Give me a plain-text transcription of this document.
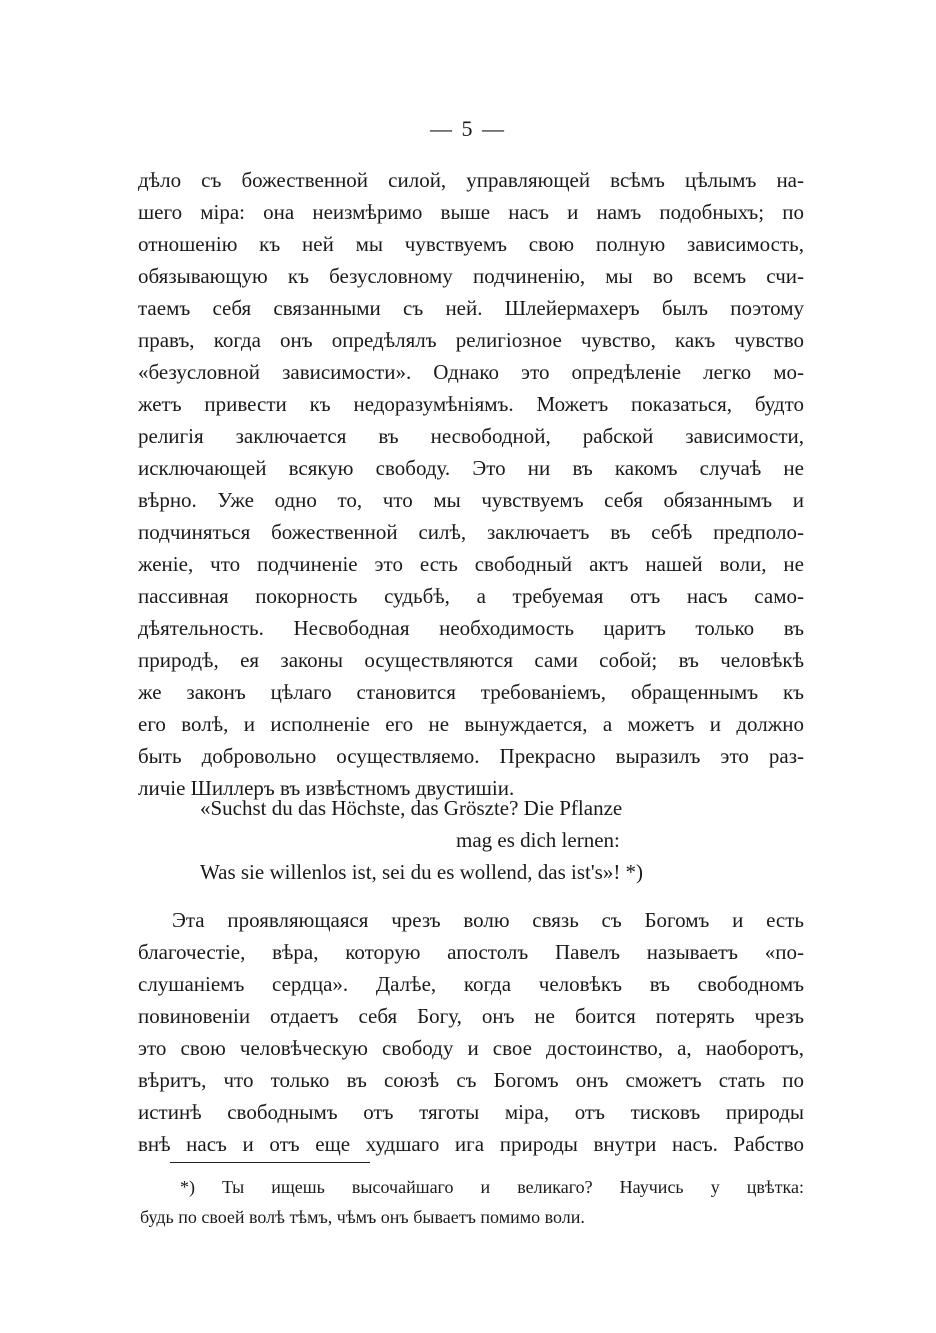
— 5 —
дѣло съ божественной силой, управляющей всѣмъ цѣлымъ на-
шего міра: она неизмѣримо выше насъ и намъ подобныхъ; по
отношенію къ ней мы чувствуемъ свою полную зависимость,
обязывающую къ безусловному подчиненію, мы во всемъ счи-
таемъ себя связанными съ ней. Шлейермахеръ былъ поэтому
правъ, когда онъ опредѣлялъ религіозное чувство, какъ чувство
«безусловной зависимости». Однако это опредѣленіе легко мо-
жетъ привести къ недоразумѣніямъ. Можетъ показаться, будто
религія заключается въ несвободной, рабской зависимости,
исключающей всякую свободу. Это ни въ какомъ случаѣ не
вѣрно. Уже одно то, что мы чувствуемъ себя обязаннымъ и
подчиняться божественной силѣ, заключаетъ въ себѣ предполо-
женіе, что подчиненіе это есть свободный актъ нашей воли, не
пассивная покорность судьбѣ, а требуемая отъ насъ само-
дѣятельность. Несвободная необходимость царитъ только въ
природѣ, ея законы осуществляются сами собой; въ человѣкѣ
же законъ цѣлаго становится требованіемъ, обращеннымъ къ
его волѣ, и исполненіе его не вынуждается, а можетъ и должно
быть добровольно осуществляемо. Прекрасно выразилъ это раз-
личіе Шиллеръ въ извѣстномъ двустишіи.
«Suchst du das Höchste, das Gröszte? Die Pflanze
mag es dich lernen:
Was sie willenlos ist, sei du es wollend, das ist's»! *)
Эта проявляющаяся чрезъ волю связь съ Богомъ и есть
благочестіе, вѣра, которую апостолъ Павелъ называетъ «по-
слушаніемъ сердца». Далѣе, когда человѣкъ въ свободномъ
повиновеніи отдаетъ себя Богу, онъ не боится потерять чрезъ
это свою человѣческую свободу и свое достоинство, а, наоборотъ,
вѣритъ, что только въ союзѣ съ Богомъ онъ сможетъ стать по
истинѣ свободнымъ отъ тяготы міра, отъ тисковъ природы
внѣ насъ и отъ еще худшаго ига природы внутри насъ. Рабство
*) Ты ищешь высочайшаго и великаго? Научись у цвѣтка:
будь по своей волѣ тѣмъ, чѣмъ онъ бываетъ помимо воли.
